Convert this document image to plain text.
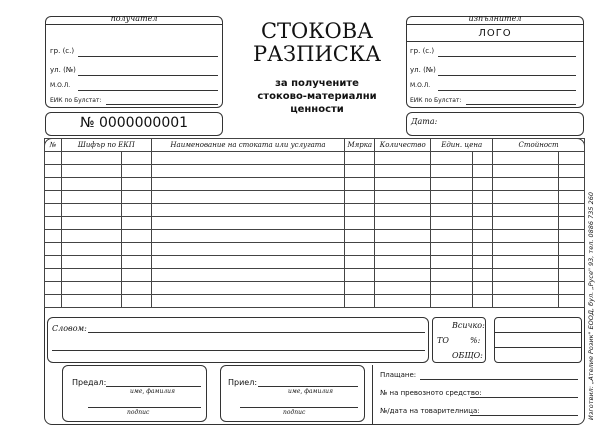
получател
гр. (с.)
ул. (№)
М.О.Л.
ЕИК по Булстат:
№ 0000000001
СТОКОВА
РАЗПИСКА
за получените
стоково-материални
ценности
изпълнител
ЛОГО
гр. (с.)
ул. (№)
М.О.Л.
ЕИК по Булстат:
Дата:
№	Шифър по ЕКП		Наименование на стоката или услугата	Мярка	Количество	Един. цена		Стойност	

Словом:	Всичко:
ТО	%:
ОБЩО:
Предал:
име, фамилия
подпис
Приел:
име, фамилия
подпис
Плащане:
№ на превозното средство:
№/дата на товарителница:	Изготвил: „Ателие Розик" ЕООД, бул. „Русе" 93, тел. 0886 735 260
